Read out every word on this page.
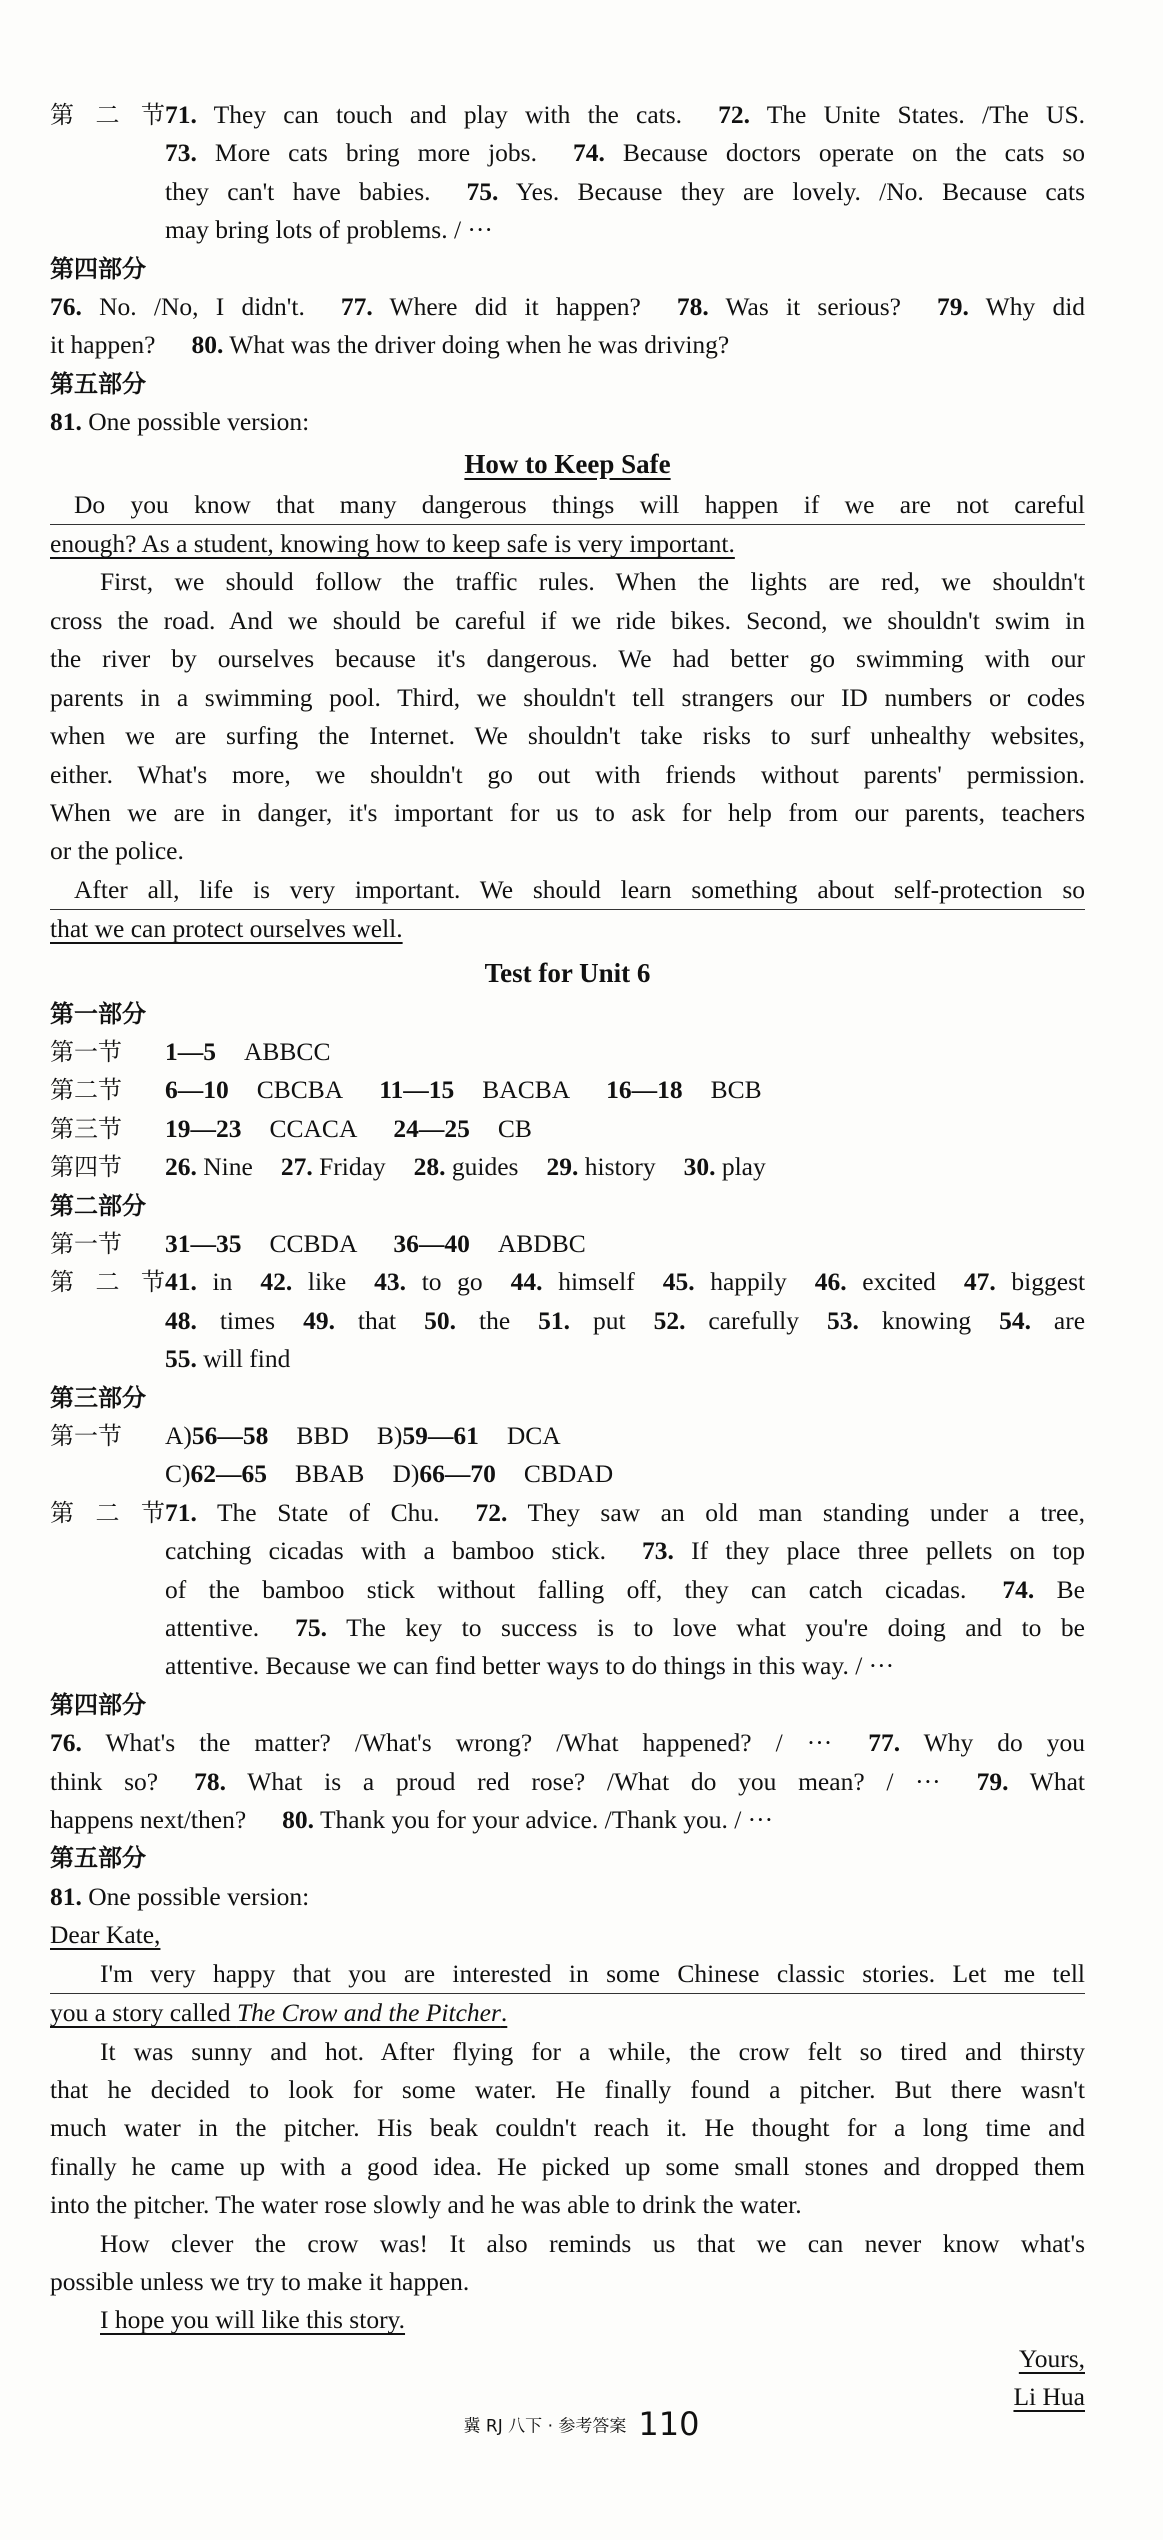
第二节71. They can touch and play with the cats. 72. The Unite States. /The US.
73. More cats bring more jobs. 74. Because doctors operate on the cats so
they can't have babies. 75. Yes. Because they are lovely. /No. Because cats
may bring lots of problems. / ···
第四部分
76. No. /No, I didn't. 77. Where did it happen? 78. Was it serious? 79. Why did
it happen? 80. What was the driver doing when he was driving?
第五部分
81. One possible version:
How to Keep Safe
Do you know that many dangerous things will happen if we are not careful
enough? As a student, knowing how to keep safe is very important.
First, we should follow the traffic rules. When the lights are red, we shouldn't
cross the road. And we should be careful if we ride bikes. Second, we shouldn't swim in
the river by ourselves because it's dangerous. We had better go swimming with our
parents in a swimming pool. Third, we shouldn't tell strangers our ID numbers or codes
when we are surfing the Internet. We shouldn't take risks to surf unhealthy websites,
either. What's more, we shouldn't go out with friends without parents' permission.
When we are in danger, it's important for us to ask for help from our parents, teachers
or the police.
After all, life is very important. We should learn something about self-protection so
that we can protect ourselves well.
Test for Unit 6
第一部分
第一节 1—5 ABBCC
第二节 6—10 CBCBA 11—15 BACBA 16—18 BCB
第三节 19—23 CCACA 24—25 CB
第四节 26. Nine 27. Friday 28. guides 29. history 30. play
第二部分
第一节 31—35 CCBDA 36—40 ABDBC
第二节41. in 42. like 43. to go 44. himself 45. happily 46. excited 47. biggest
48. times 49. that 50. the 51. put 52. carefully 53. knowing 54. are
55. will find
第三部分
第一节 A)56—58 BBD B)59—61 DCA
C)62—65 BBAB D)66—70 CBDAD
第二节71. The State of Chu. 72. They saw an old man standing under a tree,
catching cicadas with a bamboo stick. 73. If they place three pellets on top
of the bamboo stick without falling off, they can catch cicadas. 74. Be
attentive. 75. The key to success is to love what you're doing and to be
attentive. Because we can find better ways to do things in this way. / ···
第四部分
76. What's the matter? /What's wrong? /What happened? / ··· 77. Why do you
think so? 78. What is a proud red rose? /What do you mean? / ··· 79. What
happens next/then? 80. Thank you for your advice. /Thank you. / ···
第五部分
81. One possible version:
Dear Kate,
I'm very happy that you are interested in some Chinese classic stories. Let me tell
you a story called The Crow and the Pitcher.
It was sunny and hot. After flying for a while, the crow felt so tired and thirsty
that he decided to look for some water. He finally found a pitcher. But there wasn't
much water in the pitcher. His beak couldn't reach it. He thought for a long time and
finally he came up with a good idea. He picked up some small stones and dropped them
into the pitcher. The water rose slowly and he was able to drink the water.
How clever the crow was! It also reminds us that we can never know what's
possible unless we try to make it happen.
I hope you will like this story.
Yours,
Li Hua
冀 RJ 八下 · 参考答案 110
